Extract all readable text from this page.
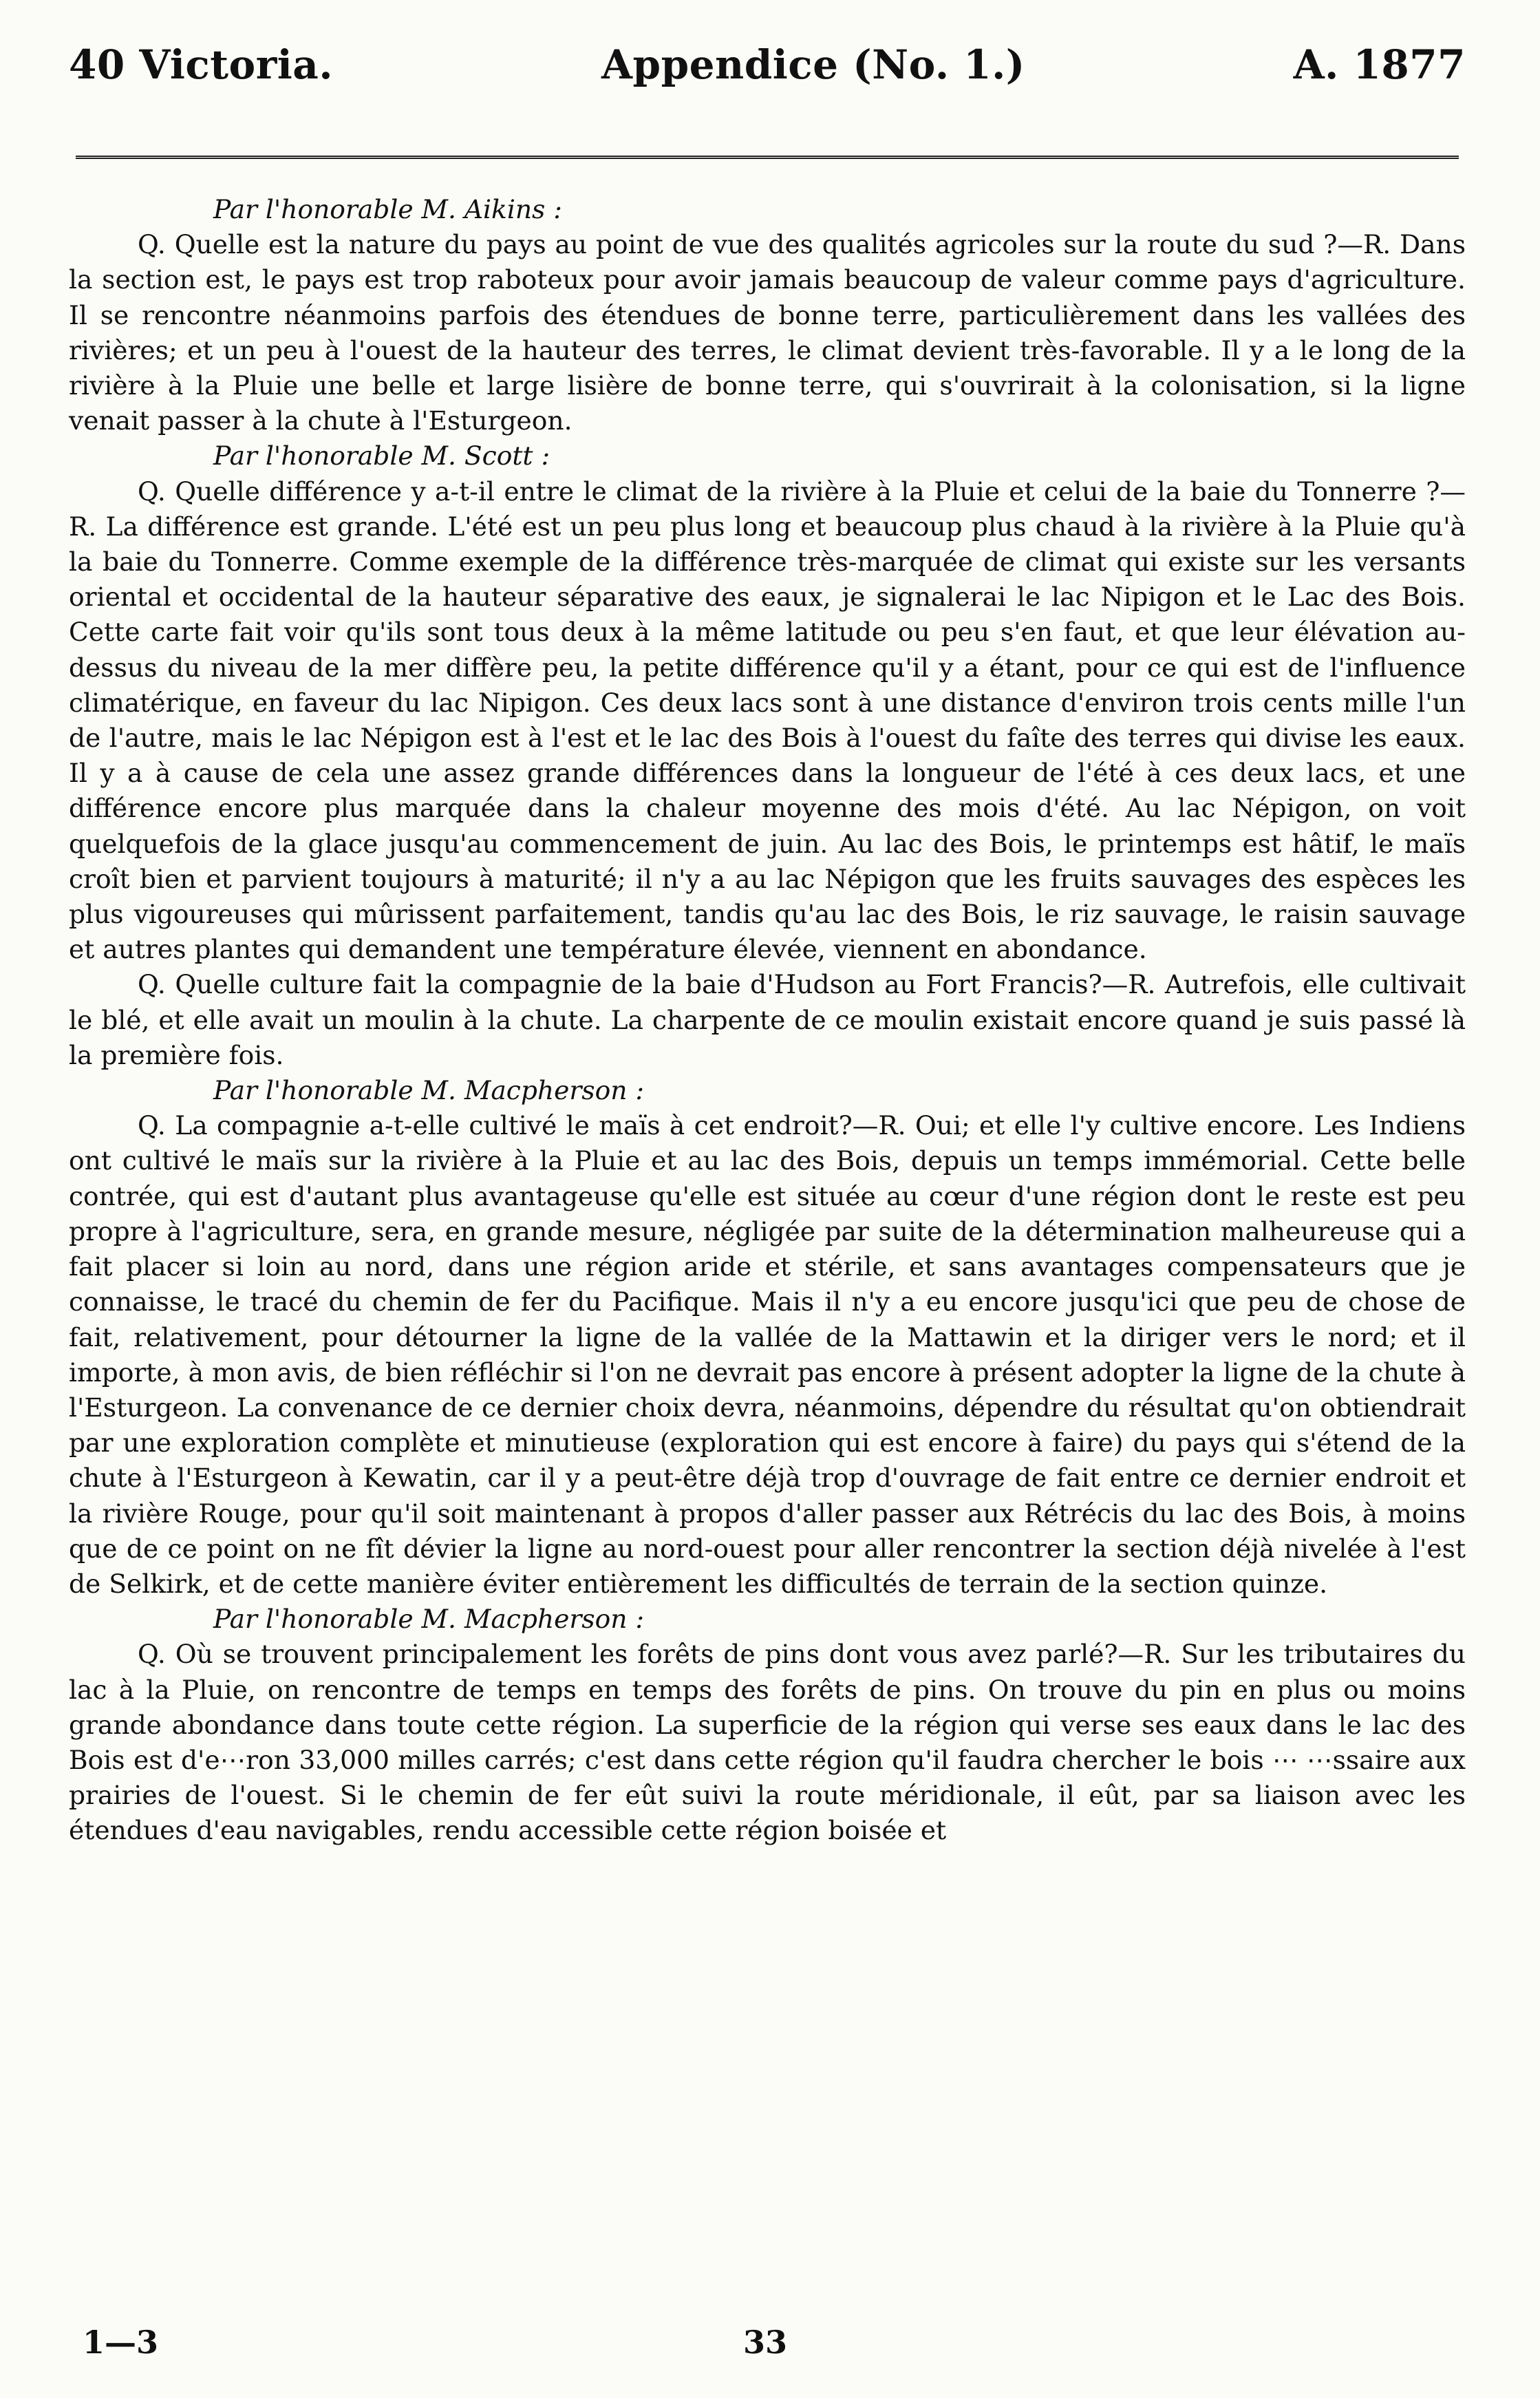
40 Victoria.	Appendice (No. 1.)	A. 1877
Par l'honorable M. Aikins :

Q. Quelle est la nature du pays au point de vue des qualités agricoles sur la route du sud ?—R. Dans la section est, le pays est trop raboteux pour avoir jamais beaucoup de valeur comme pays d'agriculture. Il se rencontre néanmoins parfois des étendues de bonne terre, particulièrement dans les vallées des rivières; et un peu à l'ouest de la hauteur des terres, le climat devient très-favorable. Il y a le long de la rivière à la Pluie une belle et large lisière de bonne terre, qui s'ouvrirait à la colonisation, si la ligne venait passer à la chute à l'Esturgeon.

Par l'honorable M. Scott :

Q. Quelle différence y a-t-il entre le climat de la rivière à la Pluie et celui de la baie du Tonnerre ?—R. La différence est grande. L'été est un peu plus long et beaucoup plus chaud à la rivière à la Pluie qu'à la baie du Tonnerre. Comme exemple de la différence très-marquée de climat qui existe sur les versants oriental et occidental de la hauteur séparative des eaux, je signalerai le lac Nipigon et le Lac des Bois. Cette carte fait voir qu'ils sont tous deux à la même latitude ou peu s'en faut, et que leur élévation au-dessus du niveau de la mer diffère peu, la petite différence qu'il y a étant, pour ce qui est de l'influence climatérique, en faveur du lac Nipigon. Ces deux lacs sont à une distance d'environ trois cents mille l'un de l'autre, mais le lac Népigon est à l'est et le lac des Bois à l'ouest du faîte des terres qui divise les eaux. Il y a à cause de cela une assez grande différences dans la longueur de l'été à ces deux lacs, et une différence encore plus marquée dans la chaleur moyenne des mois d'été. Au lac Népigon, on voit quelquefois de la glace jusqu'au commencement de juin. Au lac des Bois, le printemps est hâtif, le maïs croît bien et parvient toujours à maturité; il n'y a au lac Népigon que les fruits sauvages des espèces les plus vigoureuses qui mûrissent parfaitement, tandis qu'au lac des Bois, le riz sauvage, le raisin sauvage et autres plantes qui demandent une température élevée, viennent en abondance.

Q. Quelle culture fait la compagnie de la baie d'Hudson au Fort Francis?—R. Autrefois, elle cultivait le blé, et elle avait un moulin à la chute. La charpente de ce moulin existait encore quand je suis passé là la première fois.

Par l'honorable M. Macpherson :

Q. La compagnie a-t-elle cultivé le maïs à cet endroit?—R. Oui; et elle l'y cultive encore. Les Indiens ont cultivé le maïs sur la rivière à la Pluie et au lac des Bois, depuis un temps immémorial. Cette belle contrée, qui est d'autant plus avantageuse qu'elle est située au cœur d'une région dont le reste est peu propre à l'agriculture, sera, en grande mesure, négligée par suite de la détermination malheureuse qui a fait placer si loin au nord, dans une région aride et stérile, et sans avantages compensateurs que je connaisse, le tracé du chemin de fer du Pacifique. Mais il n'y a eu encore jusqu'ici que peu de chose de fait, relativement, pour détourner la ligne de la vallée de la Mattawin et la diriger vers le nord; et il importe, à mon avis, de bien réfléchir si l'on ne devrait pas encore à présent adopter la ligne de la chute à l'Esturgeon. La convenance de ce dernier choix devra, néanmoins, dépendre du résultat qu'on obtiendrait par une exploration complète et minutieuse (exploration qui est encore à faire) du pays qui s'étend de la chute à l'Esturgeon à Kewatin, car il y a peut-être déjà trop d'ouvrage de fait entre ce dernier endroit et la rivière Rouge, pour qu'il soit maintenant à propos d'aller passer aux Rétrécis du lac des Bois, à moins que de ce point on ne fît dévier la ligne au nord-ouest pour aller rencontrer la section déjà nivelée à l'est de Selkirk, et de cette manière éviter entièrement les difficultés de terrain de la section quinze.

Par l'honorable M. Macpherson :

Q. Où se trouvent principalement les forêts de pins dont vous avez parlé?—R. Sur les tributaires du lac à la Pluie, on rencontre de temps en temps des forêts de pins. On trouve du pin en plus ou moins grande abondance dans toute cette région. La superficie de la région qui verse ses eaux dans le lac des Bois est d'e⋯ron 33,000 milles carrés; c'est dans cette région qu'il faudra chercher le bois ⋯ ⋯ssaire aux prairies de l'ouest. Si le chemin de fer eût suivi la route méridionale, il eût, par sa liaison avec les étendues d'eau navigables, rendu accessible cette région boisée et

1—3	33
